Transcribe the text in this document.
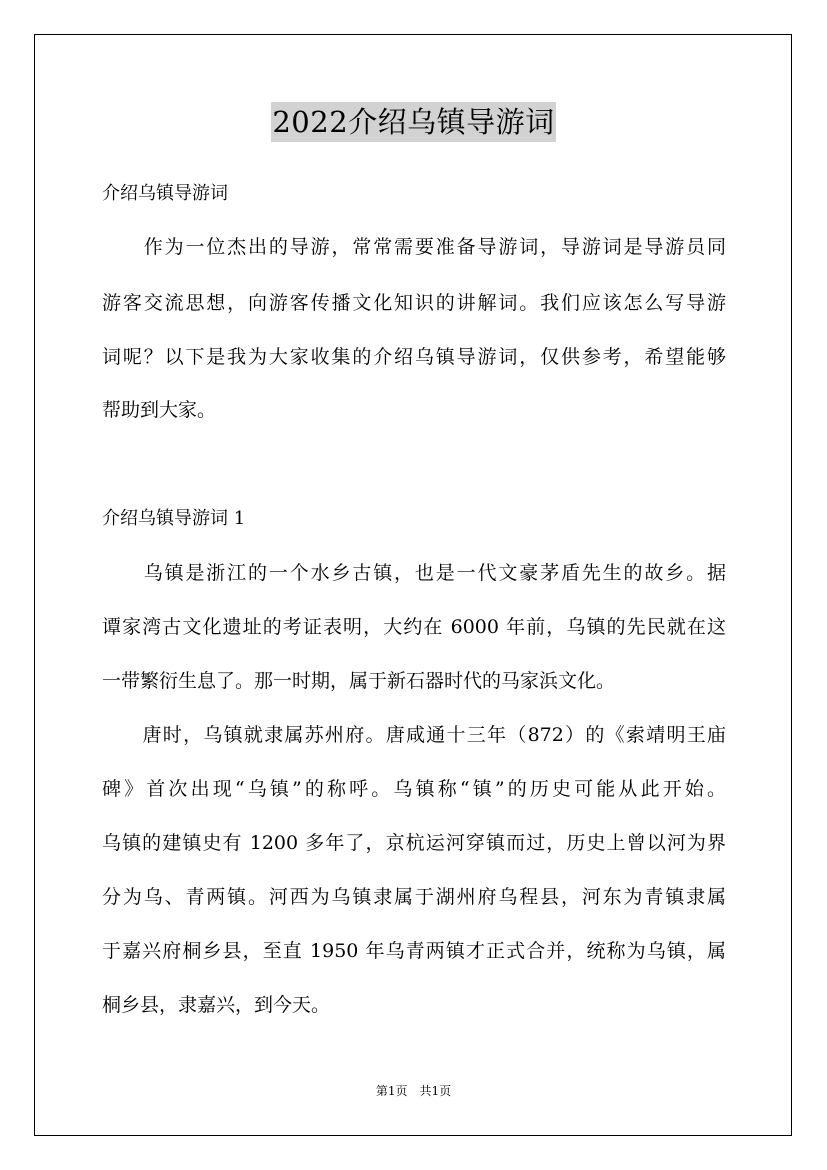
2022介绍乌镇导游词
介绍乌镇导游词
　　作为一位杰出的导游，常常需要准备导游词，导游词是导游员同
游客交流思想，向游客传播文化知识的讲解词。我们应该怎么写导游
词呢？以下是我为大家收集的介绍乌镇导游词，仅供参考，希望能够
帮助到大家。
介绍乌镇导游词 1
　　乌镇是浙江的一个水乡古镇，也是一代文豪茅盾先生的故乡。据
谭家湾古文化遗址的考证表明，大约在 6000 年前，乌镇的先民就在这
一带繁衍生息了。那一时期，属于新石器时代的马家浜文化。
　　唐时，乌镇就隶属苏州府。唐咸通十三年（872）的《索靖明王庙
碑》首次出现“乌镇”的称呼。乌镇称“镇”的历史可能从此开始。
乌镇的建镇史有 1200 多年了，京杭运河穿镇而过，历史上曾以河为界
分为乌、青两镇。河西为乌镇隶属于湖州府乌程县，河东为青镇隶属
于嘉兴府桐乡县，至直 1950 年乌青两镇才正式合并，统称为乌镇，属
桐乡县，隶嘉兴，到今天。
第1页　共1页
